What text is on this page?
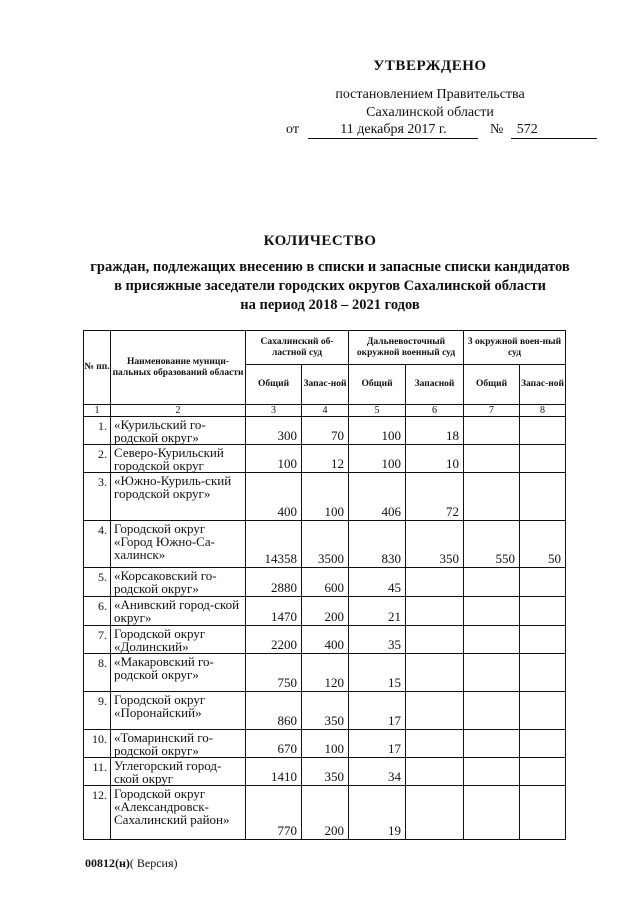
УТВЕРЖДЕНО
постановлением Правительства
Сахалинской области
от	11 декабря 2017 г.	№ 572
КОЛИЧЕСТВО
граждан, подлежащих внесению в списки и запасные списки кандидатов
в присяжные заседатели городских округов Сахалинской области
на период 2018 – 2021 годов
№ пп.	Наименование муници-пальных образований области	Сахалинский об-ластной суд		Дальневосточный окружной военный суд		3 окружной воен-ный суд	
		Общий	Запас-ной	Общий	Запасной	Общий	Запас-ной
1	2	3	4	5	6	7	8
1.	«Курильский го-родской округ»	300	70	100	18		
2.	Северо-Курильский городской округ	100	12	100	10		
3.	«Южно-Куриль-ский городской округ»	400	100	406	72		
4.	Городской округ «Город Южно-Са-халинск»	14358	3500	830	350	550	50
5.	«Корсаковский го-родской округ»	2880	600	45			
6.	«Анивский город-ской округ»	1470	200	21			
7.	Городской округ «Долинский»	2200	400	35			
8.	«Макаровский го-родской округ»	750	120	15			
9.	Городской округ «Поронайский»	860	350	17			
10.	«Томаринский го-родской округ»	670	100	17			
11.	Углегорский город-ской округ	1410	350	34			
12.	Городской округ «Александровск-Сахалинский район»	770	200	19			
00812(н)( Версия)
